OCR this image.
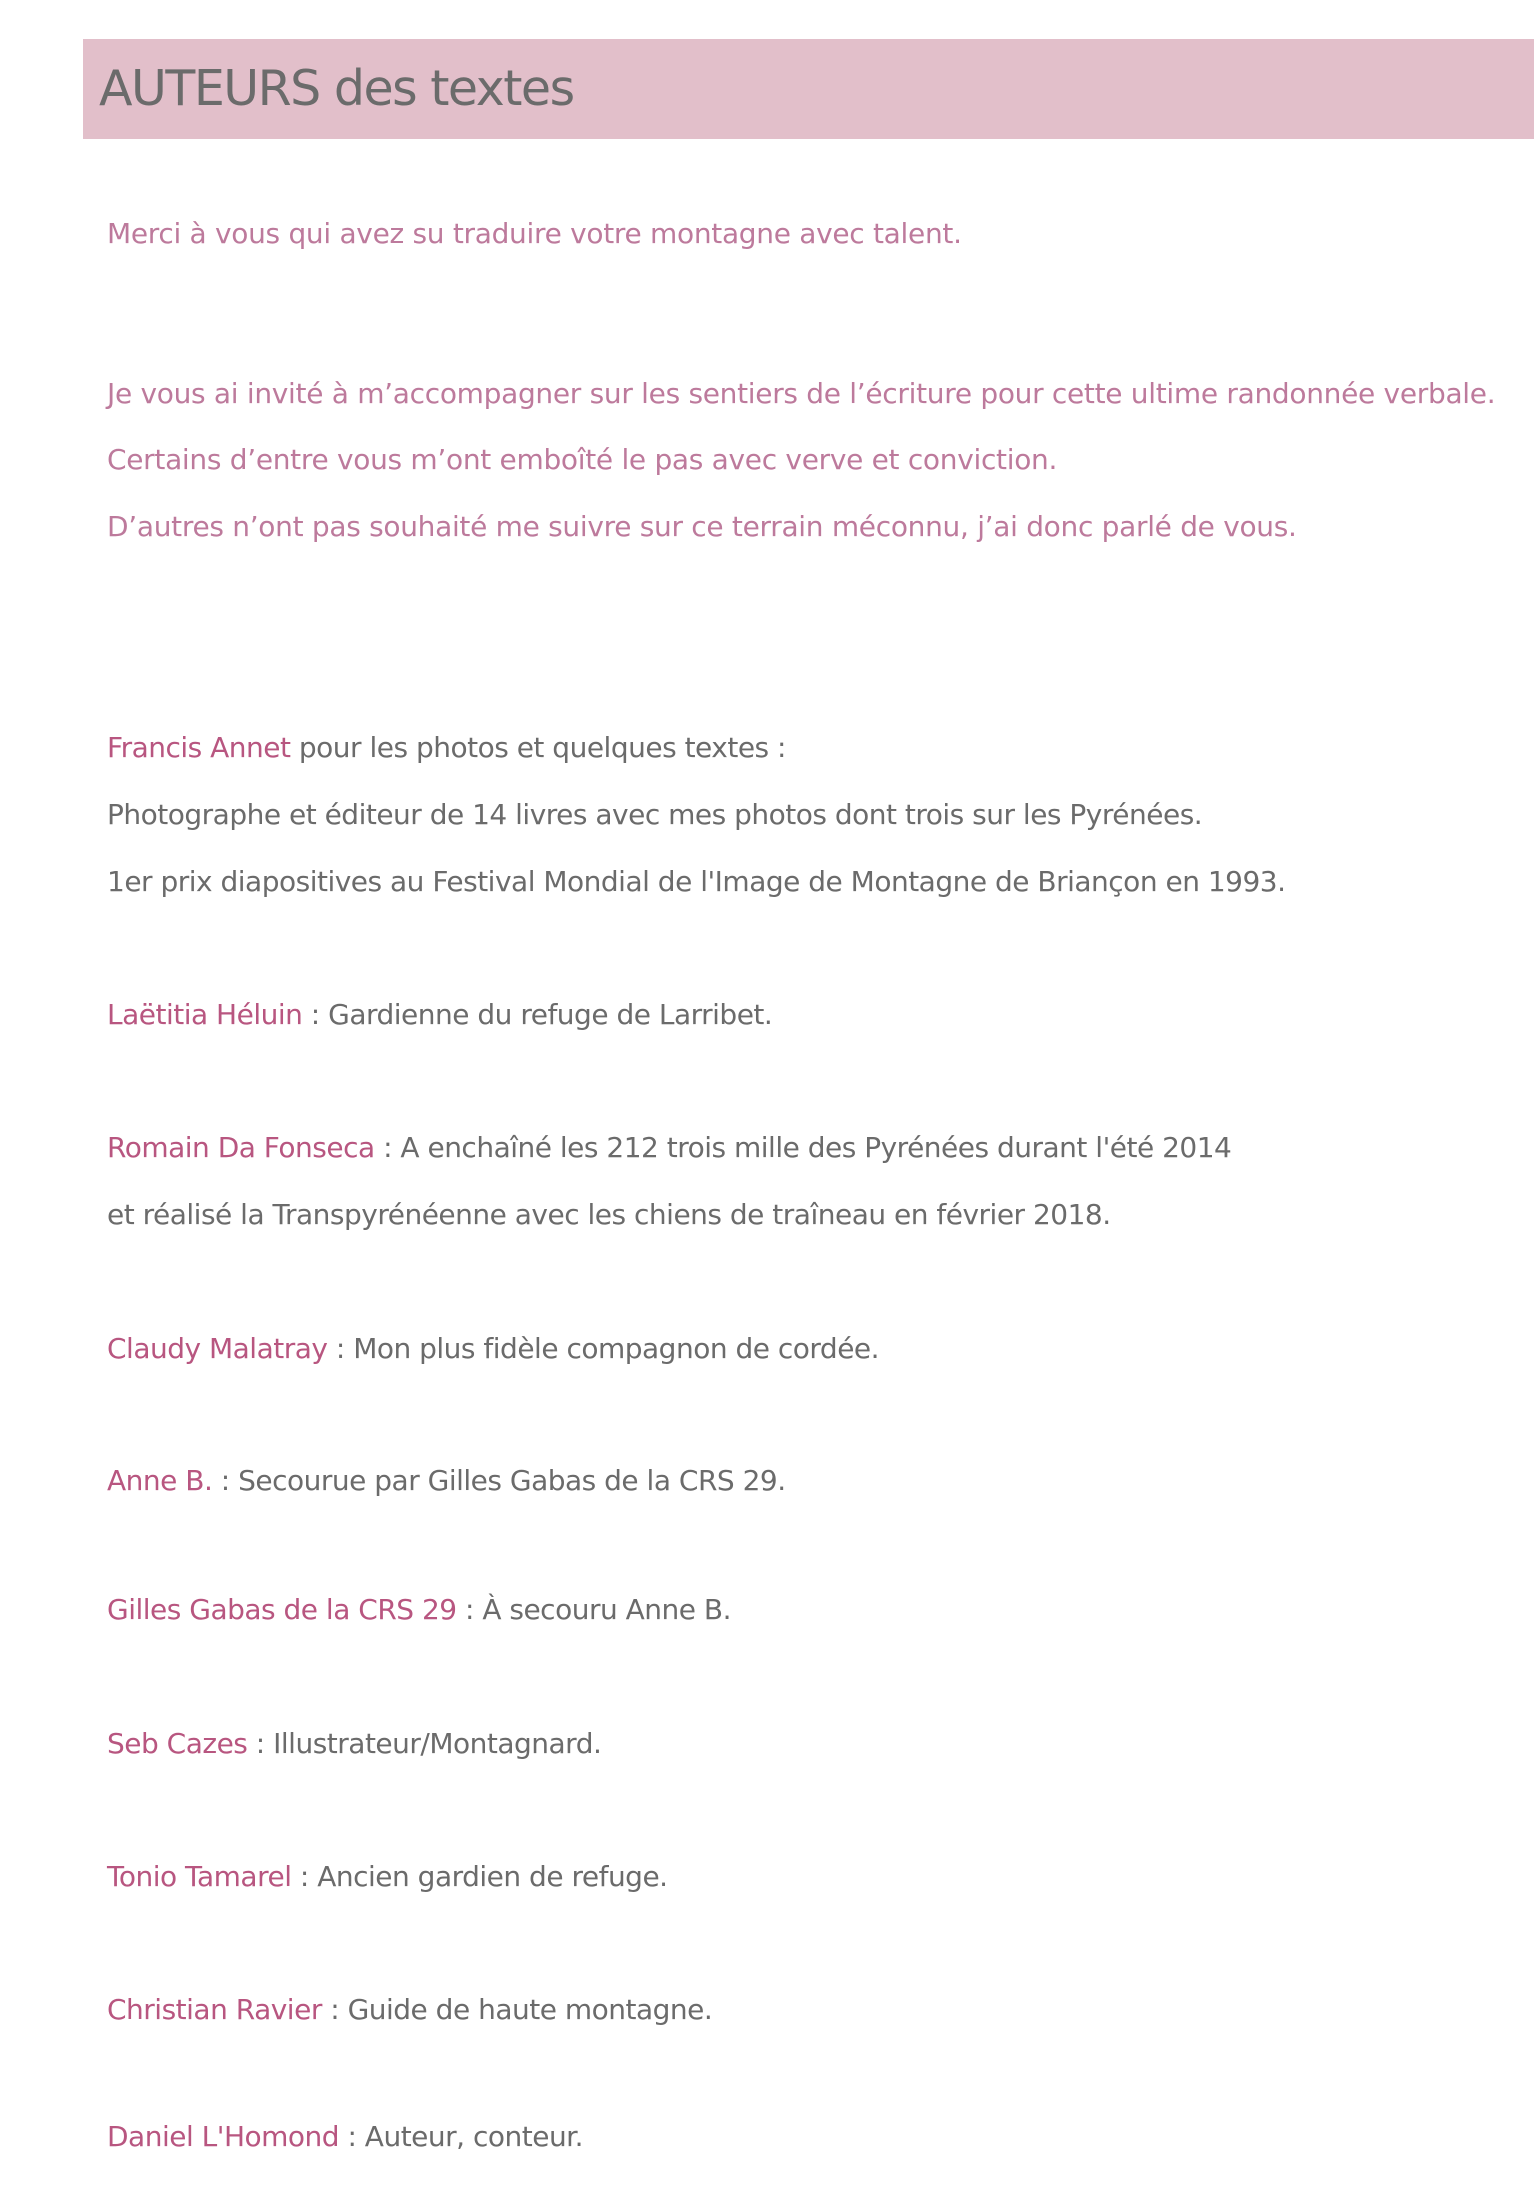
AUTEURS des textes

Merci à vous qui avez su traduire votre montagne avec talent.

Je vous ai invité à m’accompagner sur les sentiers de l’écriture pour cette ultime randonnée verbale.

Certains d’entre vous m’ont emboîté le pas avec verve et conviction.

D’autres n’ont pas souhaité me suivre sur ce terrain méconnu, j’ai donc parlé de vous.

Francis Annet pour les photos et quelques textes :

Photographe et éditeur de 14 livres avec mes photos dont trois sur les Pyrénées.

1er prix diapositives au Festival Mondial de l'Image de Montagne de Briançon en 1993.

Laëtitia Héluin : Gardienne du refuge de Larribet.

Romain Da Fonseca : A enchaîné les 212 trois mille des Pyrénées durant l'été 2014

et réalisé la Transpyrénéenne avec les chiens de traîneau en février 2018.

Claudy Malatray : Mon plus fidèle compagnon de cordée.

Anne B. : Secourue par Gilles Gabas de la CRS 29.

Gilles Gabas de la CRS 29 : À secouru Anne B.

Seb Cazes : Illustrateur/Montagnard.

Tonio Tamarel : Ancien gardien de refuge.

Christian Ravier : Guide de haute montagne.

Daniel L'Homond : Auteur, conteur.
